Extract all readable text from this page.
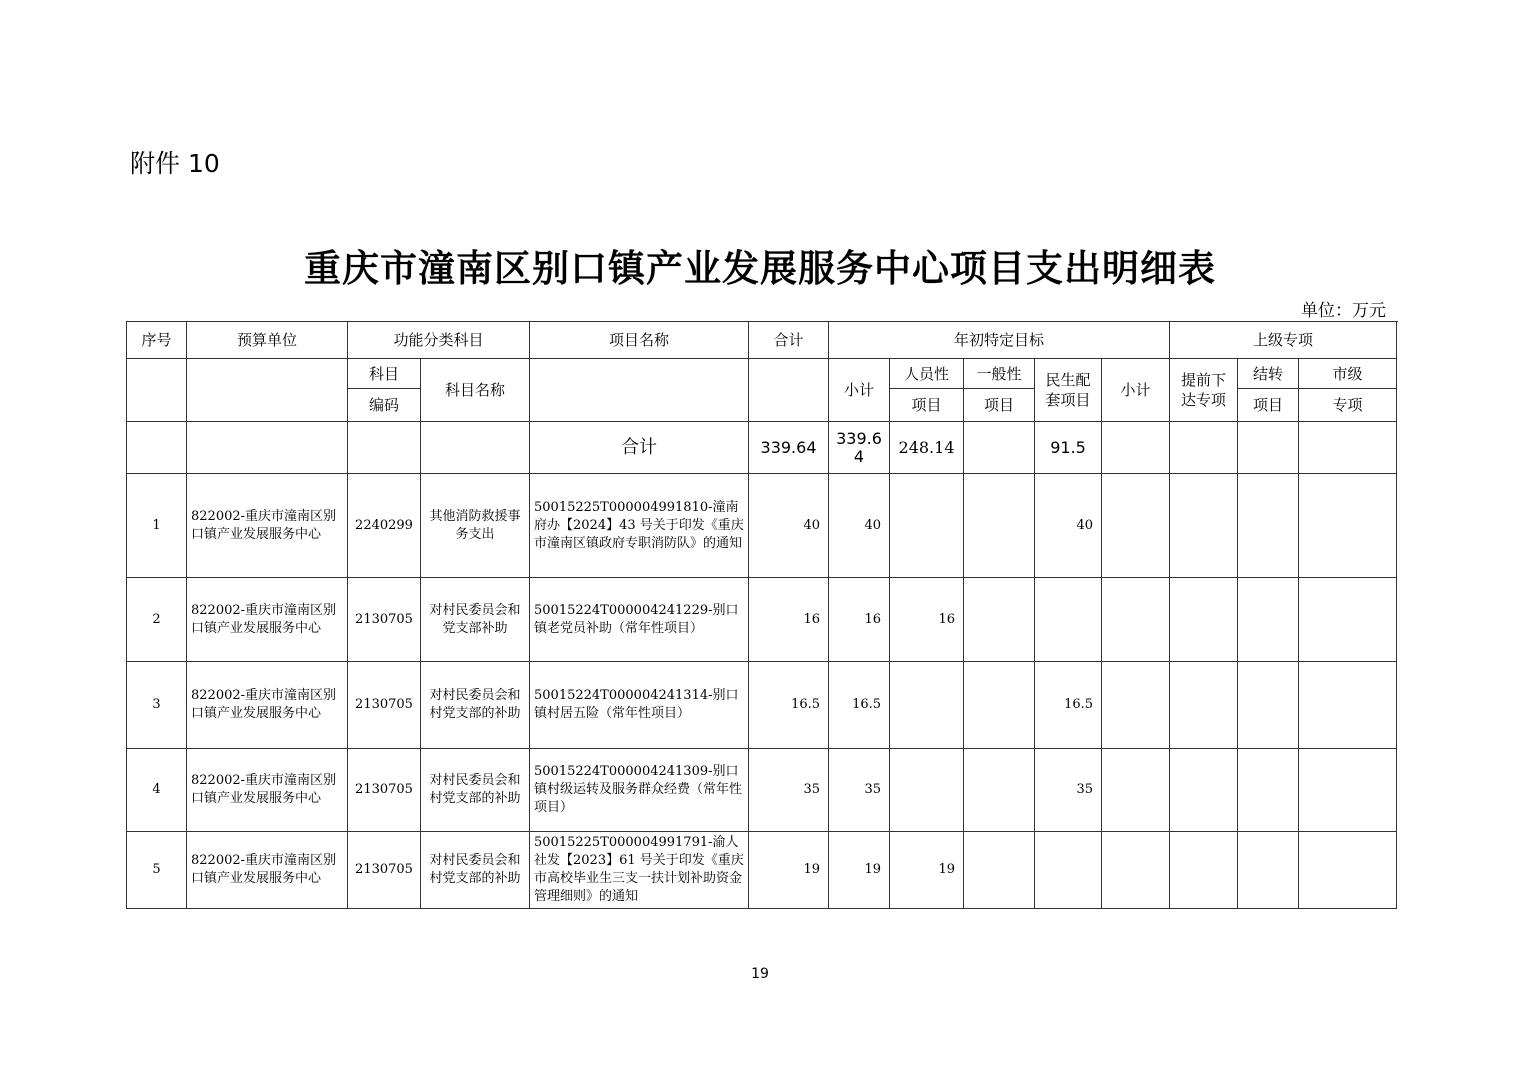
附件 10
重庆市潼南区别口镇产业发展服务中心项目支出明细表
单位：万元
序号	预算单位	功能分类科目		项目名称	合计	年初特定目标					上级专项		
		科目	科目名称			小计	人员性	一般性	民生配套项目	小计	提前下达专项	结转	市级
		编码					项目	项目				项目	专项
				合计	339.64	339.64	248.14		91.5				
1	822002-重庆市潼南区别口镇产业发展服务中心	2240299	其他消防救援事务支出	50015225T000004991810-潼南府办【2024】43 号关于印发《重庆市潼南区镇政府专职消防队》的通知	40	40			40				
2	822002-重庆市潼南区别口镇产业发展服务中心	2130705	对村民委员会和党支部补助	50015224T000004241229-别口镇老党员补助（常年性项目）	16	16	16						
3	822002-重庆市潼南区别口镇产业发展服务中心	2130705	对村民委员会和村党支部的补助	50015224T000004241314-别口镇村居五险（常年性项目）	16.5	16.5			16.5				
4	822002-重庆市潼南区别口镇产业发展服务中心	2130705	对村民委员会和村党支部的补助	50015224T000004241309-别口镇村级运转及服务群众经费（常年性项目）	35	35			35				
5	822002-重庆市潼南区别口镇产业发展服务中心	2130705	对村民委员会和村党支部的补助	50015225T000004991791-渝人社发【2023】61 号关于印发《重庆市高校毕业生三支一扶计划补助资金管理细则》的通知	19	19	19						
19
